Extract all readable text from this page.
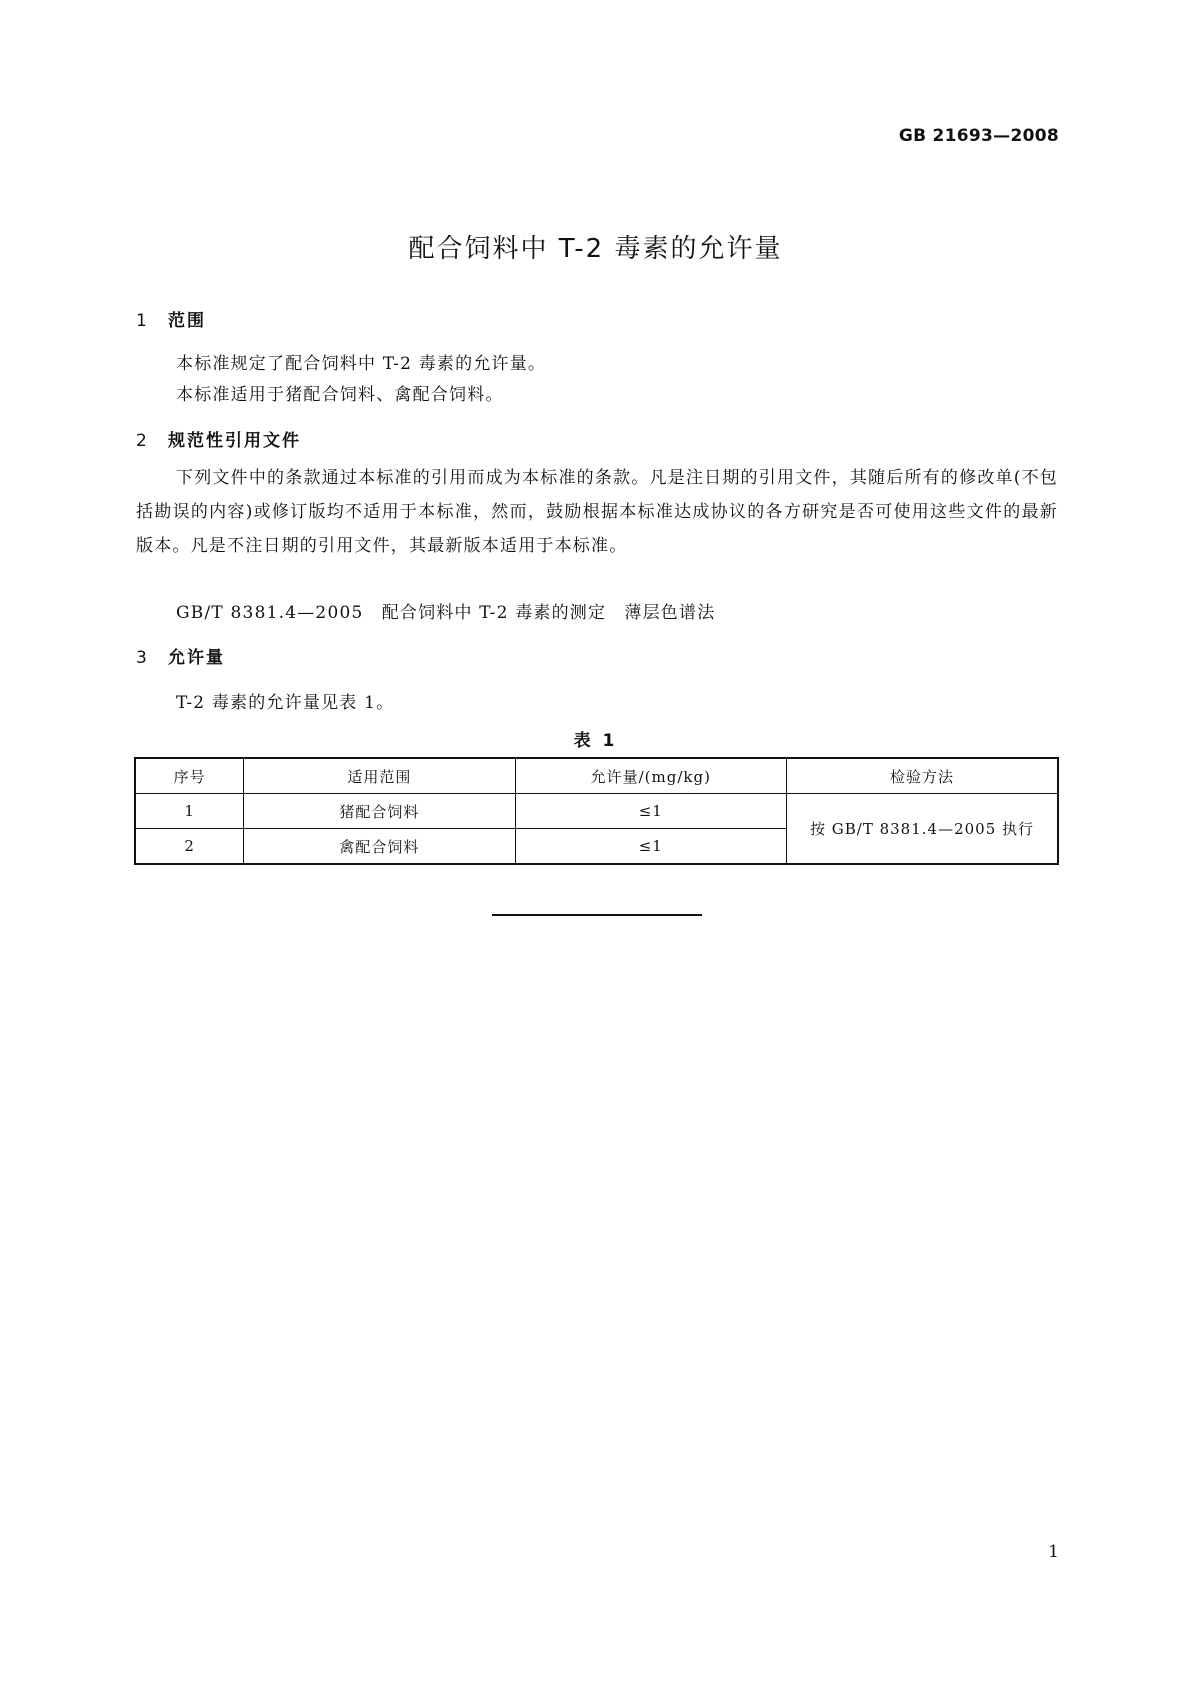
GB 21693—2008
配合饲料中 T-2 毒素的允许量
1 范围
本标准规定了配合饲料中 T-2 毒素的允许量。
本标准适用于猪配合饲料、禽配合饲料。
2 规范性引用文件
下列文件中的条款通过本标准的引用而成为本标准的条款。凡是注日期的引用文件，其随后所有的修改单(不包括勘误的内容)或修订版均不适用于本标准，然而，鼓励根据本标准达成协议的各方研究是否可使用这些文件的最新版本。凡是不注日期的引用文件，其最新版本适用于本标准。
GB/T 8381.4—2005　配合饲料中 T-2 毒素的测定　薄层色谱法
3 允许量
T-2 毒素的允许量见表 1。
表 1
序号	适用范围	允许量/(mg/kg)	检验方法
1	猪配合饲料	≤1	按 GB/T 8381.4—2005 执行
2	禽配合饲料	≤1	
1
